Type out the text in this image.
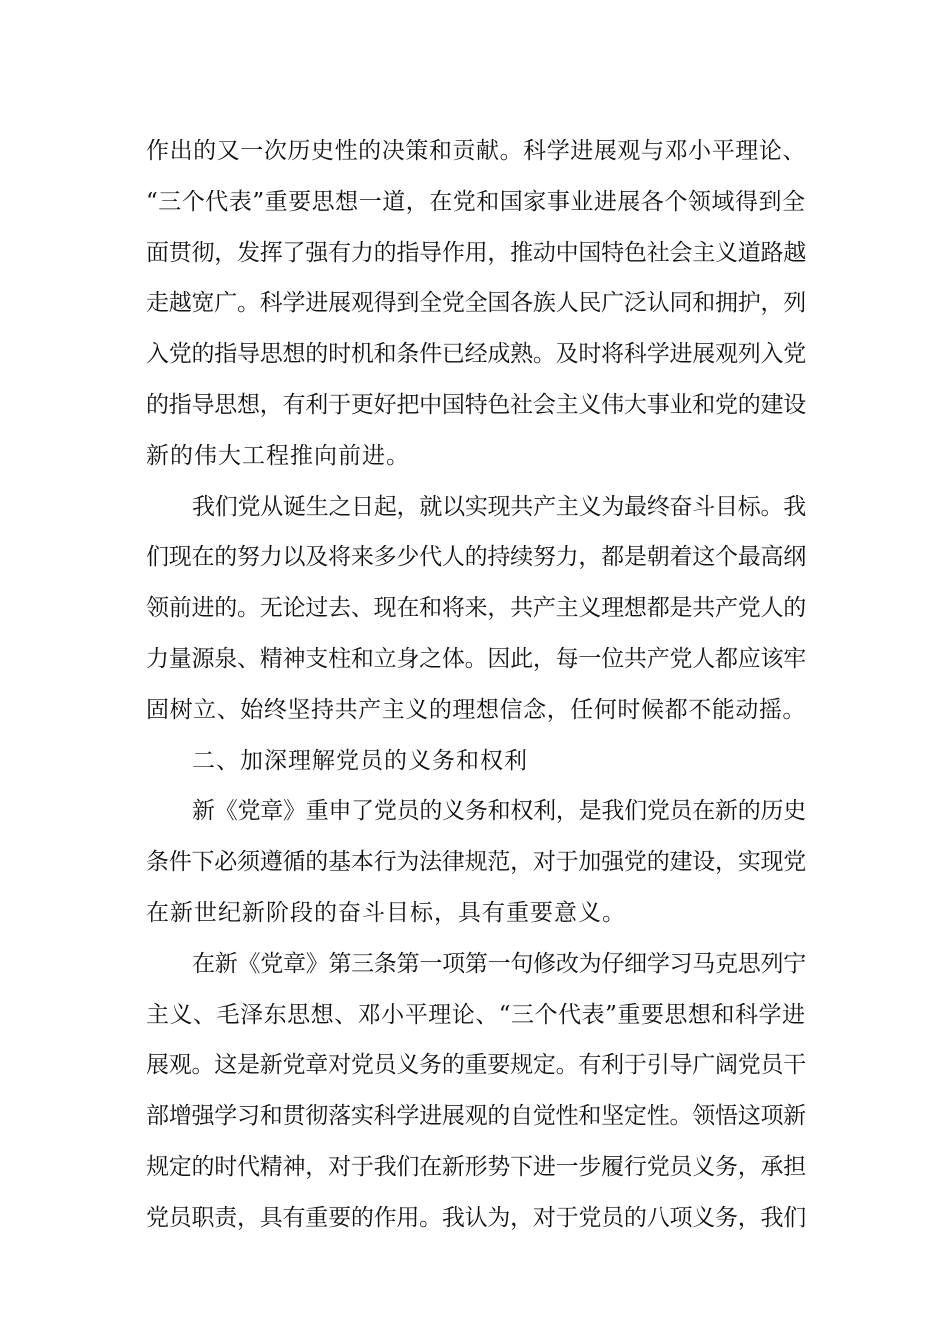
作出的又一次历史性的决策和贡献。科学进展观与邓小平理论、
“三个代表”重要思想一道，在党和国家事业进展各个领域得到全
面贯彻，发挥了强有力的指导作用，推动中国特色社会主义道路越
走越宽广。科学进展观得到全党全国各族人民广泛认同和拥护，列
入党的指导思想的时机和条件已经成熟。及时将科学进展观列入党
的指导思想，有利于更好把中国特色社会主义伟大事业和党的建设
新的伟大工程推向前进。
我们党从诞生之日起，就以实现共产主义为最终奋斗目标。我
们现在的努力以及将来多少代人的持续努力，都是朝着这个最高纲
领前进的。无论过去、现在和将来，共产主义理想都是共产党人的
力量源泉、精神支柱和立身之体。因此，每一位共产党人都应该牢
固树立、始终坚持共产主义的理想信念，任何时候都不能动摇。
二、加深理解党员的义务和权利
新《党章》重申了党员的义务和权利，是我们党员在新的历史
条件下必须遵循的基本行为法律规范，对于加强党的建设，实现党
在新世纪新阶段的奋斗目标，具有重要意义。
在新《党章》第三条第一项第一句修改为仔细学习马克思列宁
主义、毛泽东思想、邓小平理论、“三个代表”重要思想和科学进
展观。这是新党章对党员义务的重要规定。有利于引导广阔党员干
部增强学习和贯彻落实科学进展观的自觉性和坚定性。领悟这项新
规定的时代精神，对于我们在新形势下进一步履行党员义务，承担
党员职责，具有重要的作用。我认为，对于党员的八项义务，我们
